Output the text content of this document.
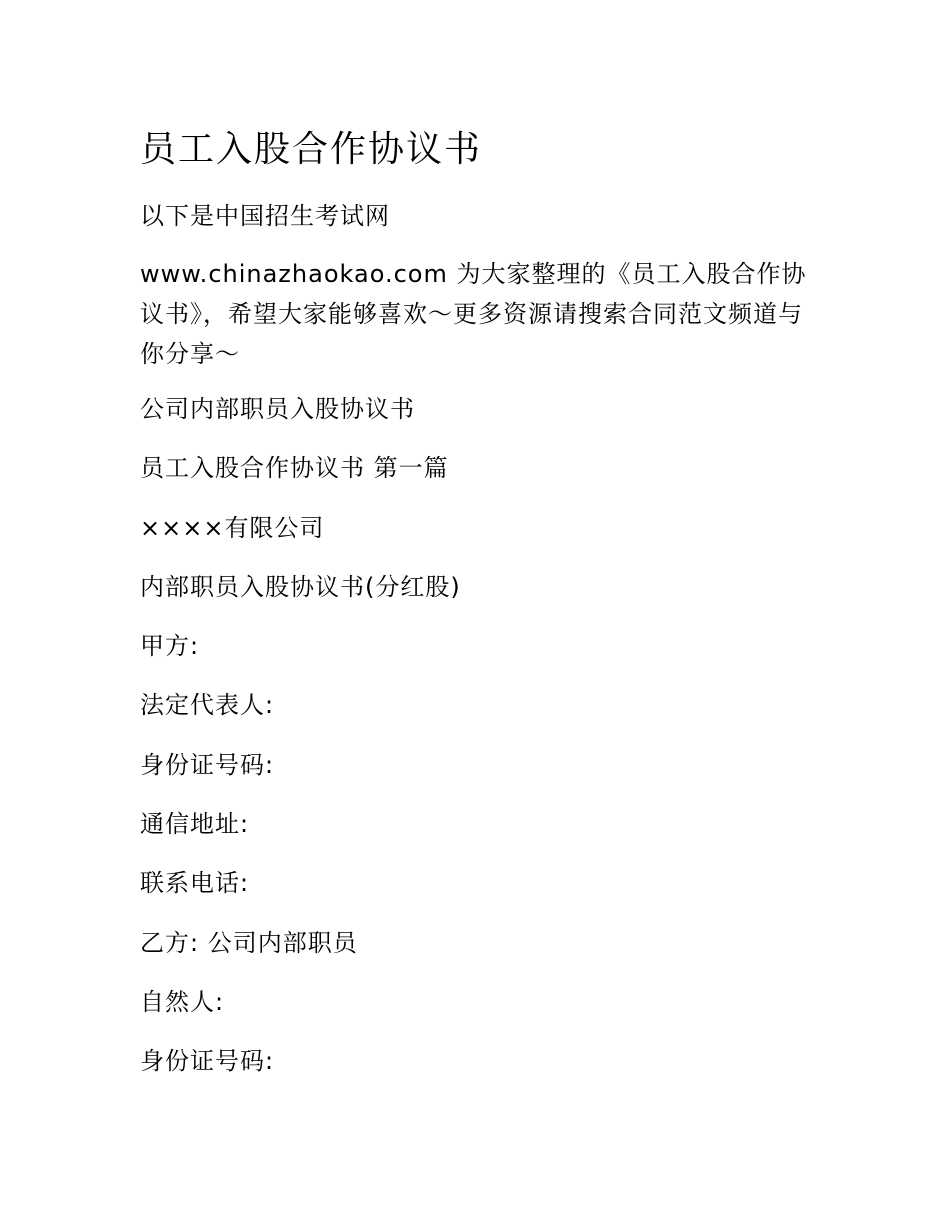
员工入股合作协议书

以下是中国招生考试网

www.chinazhaokao.com 为大家整理的《员工入股合作协议书》，希望大家能够喜欢～更多资源请搜索合同范文频道与你分享～

公司内部职员入股协议书

员工入股合作协议书 第一篇

××××有限公司

内部职员入股协议书(分红股)

甲方:

法定代表人:

身份证号码:

通信地址:

联系电话:

乙方: 公司内部职员

自然人:

身份证号码:
